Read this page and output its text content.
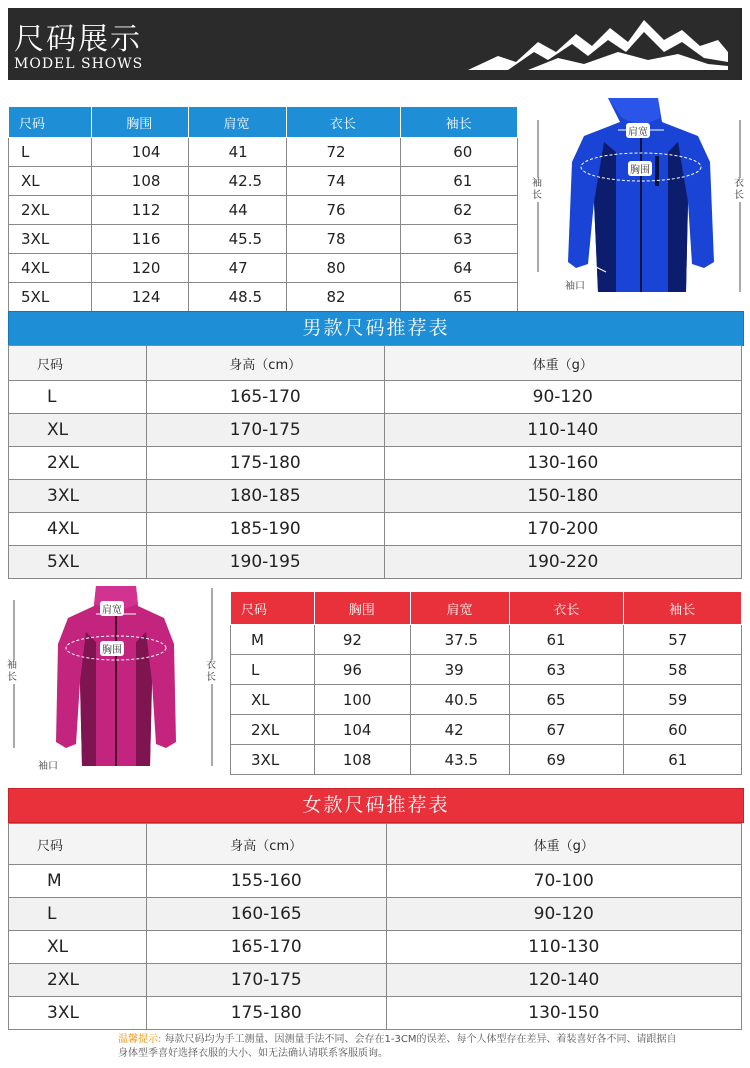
尺码展示
MODEL SHOWS
尺码	胸围	肩宽	衣长	袖长
L	104	41	72	60
XL	108	42.5	74	61
2XL	112	44	76	62
3XL	116	45.5	78	63
4XL	120	47	80	64
5XL	124	48.5	82	65
肩宽
胸围
袖长
衣长
袖口
男款尺码推荐表
尺码	身高（cm）	体重（g）
L	165-170	90-120
XL	170-175	110-140
2XL	175-180	130-160
3XL	180-185	150-180
4XL	185-190	170-200
5XL	190-195	190-220
肩宽
胸围
袖长
衣长
袖口
尺码	胸围	肩宽	衣长	袖长
M	92	37.5	61	57
L	96	39	63	58
XL	100	40.5	65	59
2XL	104	42	67	60
3XL	108	43.5	69	61
女款尺码推荐表
尺码	身高（cm）	体重（g）
M	155-160	70-100
L	160-165	90-120
XL	165-170	110-130
2XL	170-175	120-140
3XL	175-180	130-150
温馨提示: 每款尺码均为手工测量、因测量手法不同、会存在1-3CM的误差、每个人体型存在差异、着装喜好各不同、请跟据自身体型季喜好选择衣服的大小、如无法确认请联系客服质询。
